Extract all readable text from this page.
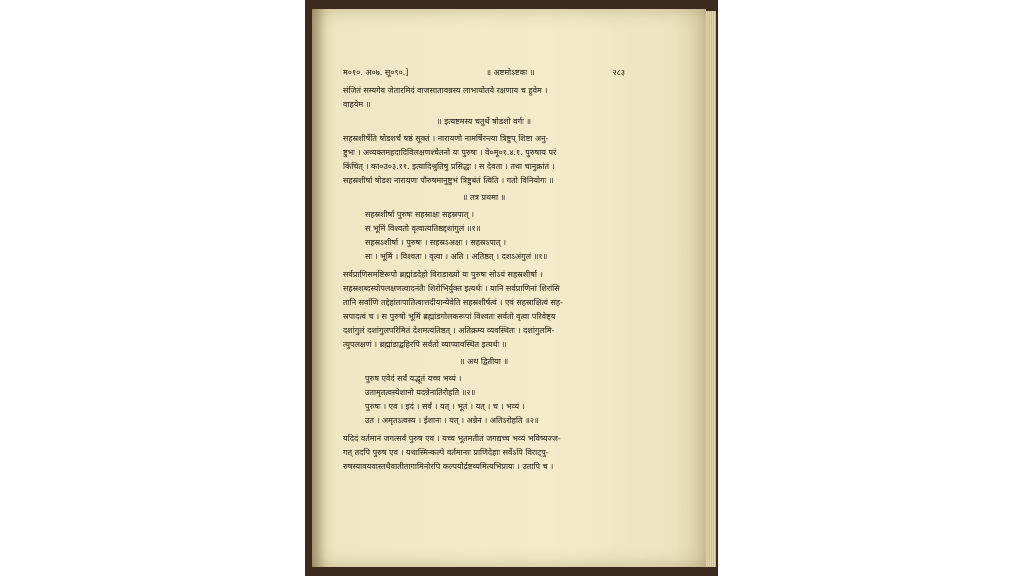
म०१०. अ०७. सू०९०.]	॥ अष्टमोऽष्टकः ॥	२८३

संजितं सम्यगेव जेतारमिदं वाजसातावन्नस्य लाभायोतये रक्षणाय च हुवेम ।

वाहयेम ॥

॥ इत्यष्टमस्य चतुर्थे षोडशो वर्गः ॥

सहस्रशीर्षेति षोडशर्चं षष्ठं सूक्तं । नारायणो नामर्षिरन्त्या त्रिष्टुप् शिष्टा अनु-

ष्टुभः । अव्यक्तमहदादिविलक्षणश्चेतनो यः पुरुषः । वे०मू०१.४.१. पुरुषाय परं

किंचित् । का०उ०३.११. इत्यादिश्रुतिषु प्रसिद्धः । स देवता । तथा चानुक्रांतं ।

सहस्रशीर्षा षोडश नारायणः पौरुषमानुष्टुभं त्रिष्टुबंतं त्विति । गतो विनियोगः ॥

॥ तत्र प्रथमा ॥

सहस्रशीर्षा पुरुषः सहस्राक्षः सहस्रपात् ।

स भूमिं विश्वतो वृत्वात्यतिष्ठद्दशांगुलं ॥१॥

सहस्रऽशीर्षा । पुरुषः । सहस्रऽअक्षः । सहस्रऽपात् ।

सः । भूमिं । विश्वतः । वृत्वा । अति । अतिष्ठत् । दशऽअंगुलं ॥१॥

सर्वप्राणिसमष्टिरूपो ब्रह्मांडदेहो विराडाख्यो यः पुरुषः सोऽयं सहस्रशीर्षा ।

सहस्रशब्दस्योपलक्षणत्वादनंतैः शिरोभिर्युक्त इत्यर्थः । यानि सर्वप्राणिनां शिरांसि

तानि सर्वाणि तद्देहांतःपातित्वात्तदीयान्येवेति सहस्रशीर्षत्वं । एवं सहस्राक्षित्वं सह-

स्रपादत्वं च । स पुरुषो भूमिं ब्रह्मांडगोलकरूपां विश्वतः सर्वतो वृत्वा परिवेष्ट्य

दशांगुलं दशांगुलपरिमितं देशमत्यतिष्ठत् । अतिक्रम्य व्यवस्थितः । दशांगुलमि-

त्युपलक्षणं । ब्रह्मांडाद्बहिरपि सर्वतो व्याप्यावस्थित इत्यर्थः ॥

॥ अथ द्वितीया ॥

पुरुष एवेदं सर्वं यद्भूतं यच्च भव्यं ।

उतामृतत्वस्येशानो यदन्नेनातिरोहति ॥२॥

पुरुषः । एव । इदं । सर्वं । यत् । भूतं । यत् । च । भव्यं ।

उत । अमृतऽत्वस्य । ईशानः । यत् । अन्नेन । अतिऽरोहति ॥२॥

यदिदं वर्तमानं जगत्सर्वं पुरुष एव । यच्च भूतमतीतं जगद्यच्च भव्यं भविष्यज्ज-

गत् तदपि पुरुष एव । यथास्मिन्कल्पे वर्तमानाः प्राणिदेहाः सर्वेऽपि विराट्पु-

रुषस्यावयवास्तथैवातीतागामिनोरपि कल्पयोर्द्रष्टव्यमित्यभिप्रायः । उतापि च ।
